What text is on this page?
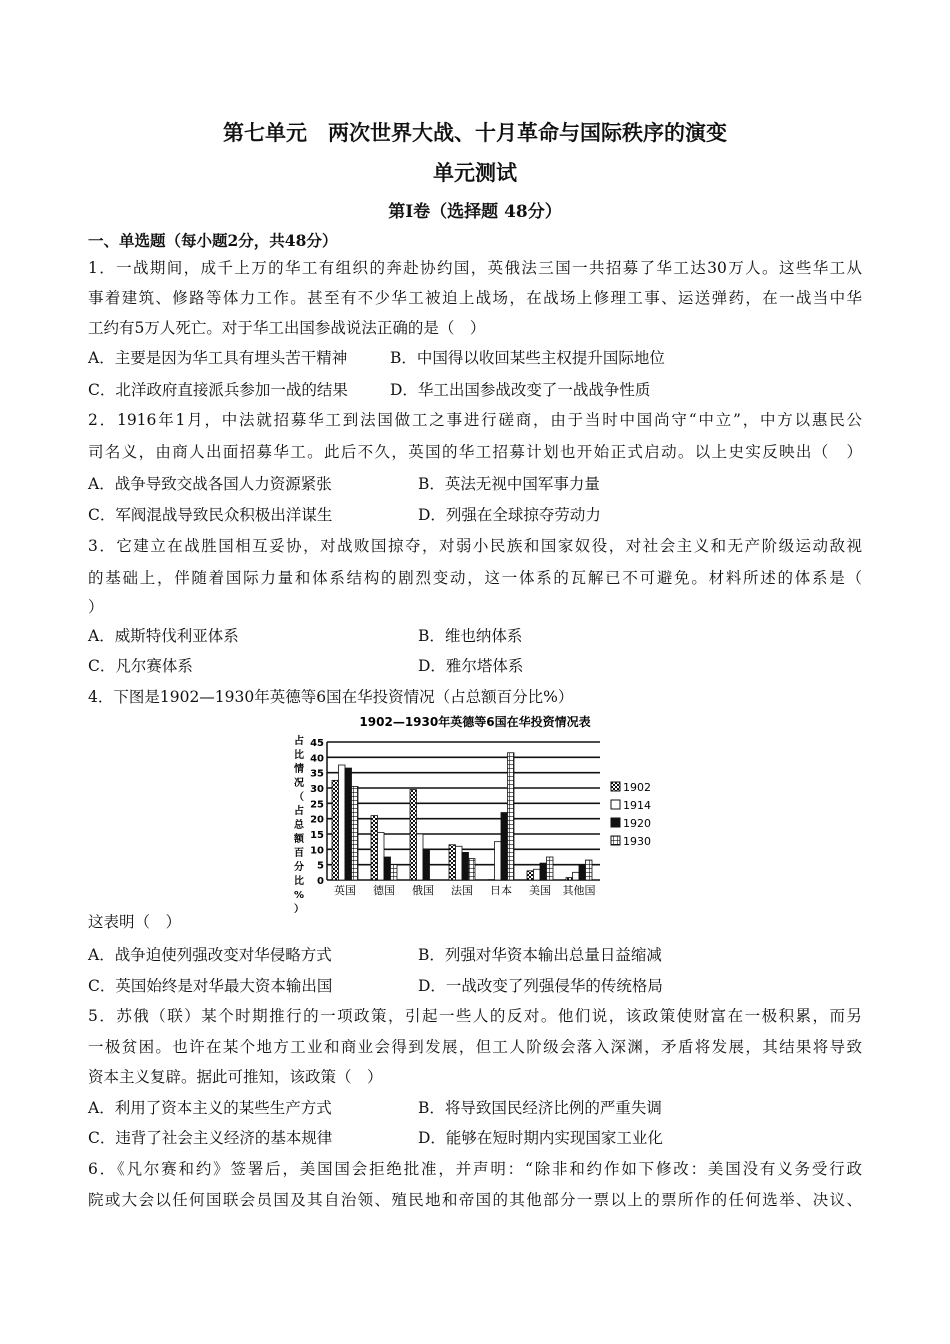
第七单元　两次世界大战、十月革命与国际秩序的演变
单元测试
第Ⅰ卷（选择题 48分）
一、单选题（每小题2分，共48分）
1．一战期间，成千上万的华工有组织的奔赴协约国，英俄法三国一共招募了华工达30万人。这些华工从
事着建筑、修路等体力工作。甚至有不少华工被迫上战场，在战场上修理工事、运送弹药，在一战当中华
工约有5万人死亡。对于华工出国参战说法正确的是（　）
A．主要是因为华工具有埋头苦干精神	B．中国得以收回某些主权提升国际地位
C．北洋政府直接派兵参加一战的结果	D．华工出国参战改变了一战战争性质
2．1916年1月，中法就招募华工到法国做工之事进行磋商，由于当时中国尚守“中立”，中方以惠民公
司名义，由商人出面招募华工。此后不久，英国的华工招募计划也开始正式启动。以上史实反映出（　）
A．战争导致交战各国人力资源紧张	B．英法无视中国军事力量
C．军阀混战导致民众积极出洋谋生	D．列强在全球掠夺劳动力
3．它建立在战胜国相互妥协，对战败国掠夺，对弱小民族和国家奴役，对社会主义和无产阶级运动敌视
的基础上，伴随着国际力量和体系结构的剧烈变动，这一体系的瓦解已不可避免。材料所述的体系是（
）
A．威斯特伐利亚体系	B．维也纳体系
C．凡尔赛体系	D．雅尔塔体系
4．下图是1902—1930年英德等6国在华投资情况（占总额百分比%）
1902—1930年英德等6国在华投资情况表
0
5
10
15
20
25
30
35
40
45
英国 德国 俄国 法国 日本 美国 其他国
1902
1914
1920
1930
占比情况（占总额百分比%）
这表明（　）
A．战争迫使列强改变对华侵略方式	B．列强对华资本输出总量日益缩减
C．英国始终是对华最大资本输出国	D．一战改变了列强侵华的传统格局
5．苏俄（联）某个时期推行的一项政策，引起一些人的反对。他们说，该政策使财富在一极积累，而另
一极贫困。也许在某个地方工业和商业会得到发展，但工人阶级会落入深渊，矛盾将发展，其结果将导致
资本主义复辟。据此可推知，该政策（　）
A．利用了资本主义的某些生产方式	B．将导致国民经济比例的严重失调
C．违背了社会主义经济的基本规律	D．能够在短时期内实现国家工业化
6．《凡尔赛和约》签署后，美国国会拒绝批准，并声明：“除非和约作如下修改：美国没有义务受行政
院或大会以任何国联会员国及其自治领、殖民地和帝国的其他部分一票以上的票所作的任何选举、决议、
